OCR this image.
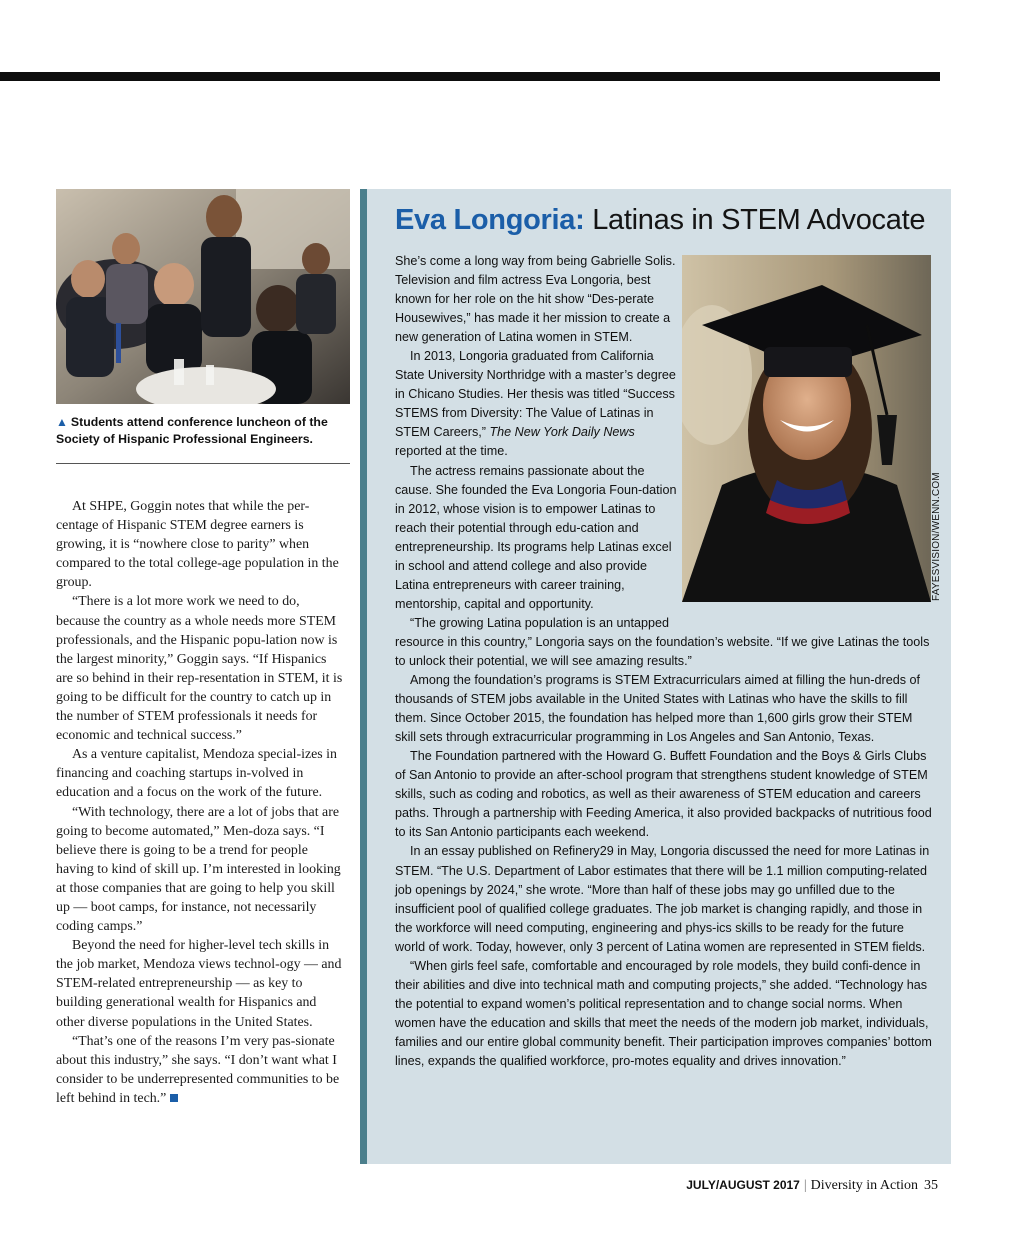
▲ Students attend conference luncheon of the Society of Hispanic Professional Engineers.

At SHPE, Goggin notes that while the per-centage of Hispanic STEM degree earners is growing, it is “nowhere close to parity” when compared to the total college-age population in the group.

“There is a lot more work we need to do, because the country as a whole needs more STEM professionals, and the Hispanic popu-lation now is the largest minority,” Goggin says. “If Hispanics are so behind in their rep-resentation in STEM, it is going to be difficult for the country to catch up in the number of STEM professionals it needs for economic and technical success.”

As a venture capitalist, Mendoza special-izes in financing and coaching startups in-volved in education and a focus on the work of the future.

“With technology, there are a lot of jobs that are going to become automated,” Men-doza says. “I believe there is going to be a trend for people having to kind of skill up. I’m interested in looking at those companies that are going to help you skill up — boot camps, for instance, not necessarily coding camps.”

Beyond the need for higher-level tech skills in the job market, Mendoza views technol-ogy — and STEM-related entrepreneurship — as key to building generational wealth for Hispanics and other diverse populations in the United States.

“That’s one of the reasons I’m very pas-sionate about this industry,” she says. “I don’t want what I consider to be underrepresented communities to be left behind in tech.”

Eva Longoria: Latinas in STEM Advocate
FAYESVISION/WENN.COM

She’s come a long way from being Gabrielle Solis. Television and film actress Eva Longoria, best known for her role on the hit show “Des-perate Housewives,” has made it her mission to create a new generation of Latina women in STEM.

In 2013, Longoria graduated from California State University Northridge with a master’s degree in Chicano Studies. Her thesis was titled “Success STEMS from Diversity: The Value of Latinas in STEM Careers,” The New York Daily News reported at the time.

The actress remains passionate about the cause. She founded the Eva Longoria Foun-dation in 2012, whose vision is to empower Latinas to reach their potential through edu-cation and entrepreneurship. Its programs help Latinas excel in school and attend college and also provide Latina entrepreneurs with career training, mentorship, capital and opportunity.

“The growing Latina population is an untapped resource in this country,” Longoria says on the foundation’s website. “If we give Latinas the tools to unlock their potential, we will see amazing results.”

Among the foundation’s programs is STEM Extracurriculars aimed at filling the hun-dreds of thousands of STEM jobs available in the United States with Latinas who have the skills to fill them. Since October 2015, the foundation has helped more than 1,600 girls grow their STEM skill sets through extracurricular programming in Los Angeles and San Antonio, Texas.

The Foundation partnered with the Howard G. Buffett Foundation and the Boys & Girls Clubs of San Antonio to provide an after-school program that strengthens student knowledge of STEM skills, such as coding and robotics, as well as their awareness of STEM education and careers paths. Through a partnership with Feeding America, it also provided backpacks of nutritious food to its San Antonio participants each weekend.

In an essay published on Refinery29 in May, Longoria discussed the need for more Latinas in STEM. “The U.S. Department of Labor estimates that there will be 1.1 million computing-related job openings by 2024,” she wrote. “More than half of these jobs may go unfilled due to the insufficient pool of qualified college graduates. The job market is changing rapidly, and those in the workforce will need computing, engineering and phys-ics skills to be ready for the future world of work. Today, however, only 3 percent of Latina women are represented in STEM fields.

“When girls feel safe, comfortable and encouraged by role models, they build confi-dence in their abilities and dive into technical math and computing projects,” she added. “Technology has the potential to expand women’s political representation and to change social norms. When women have the education and skills that meet the needs of the modern job market, individuals, families and our entire global community benefit. Their participation improves companies’ bottom lines, expands the qualified workforce, pro-motes equality and drives innovation.”

JULY/AUGUST 2017 | Diversity in Action 35
